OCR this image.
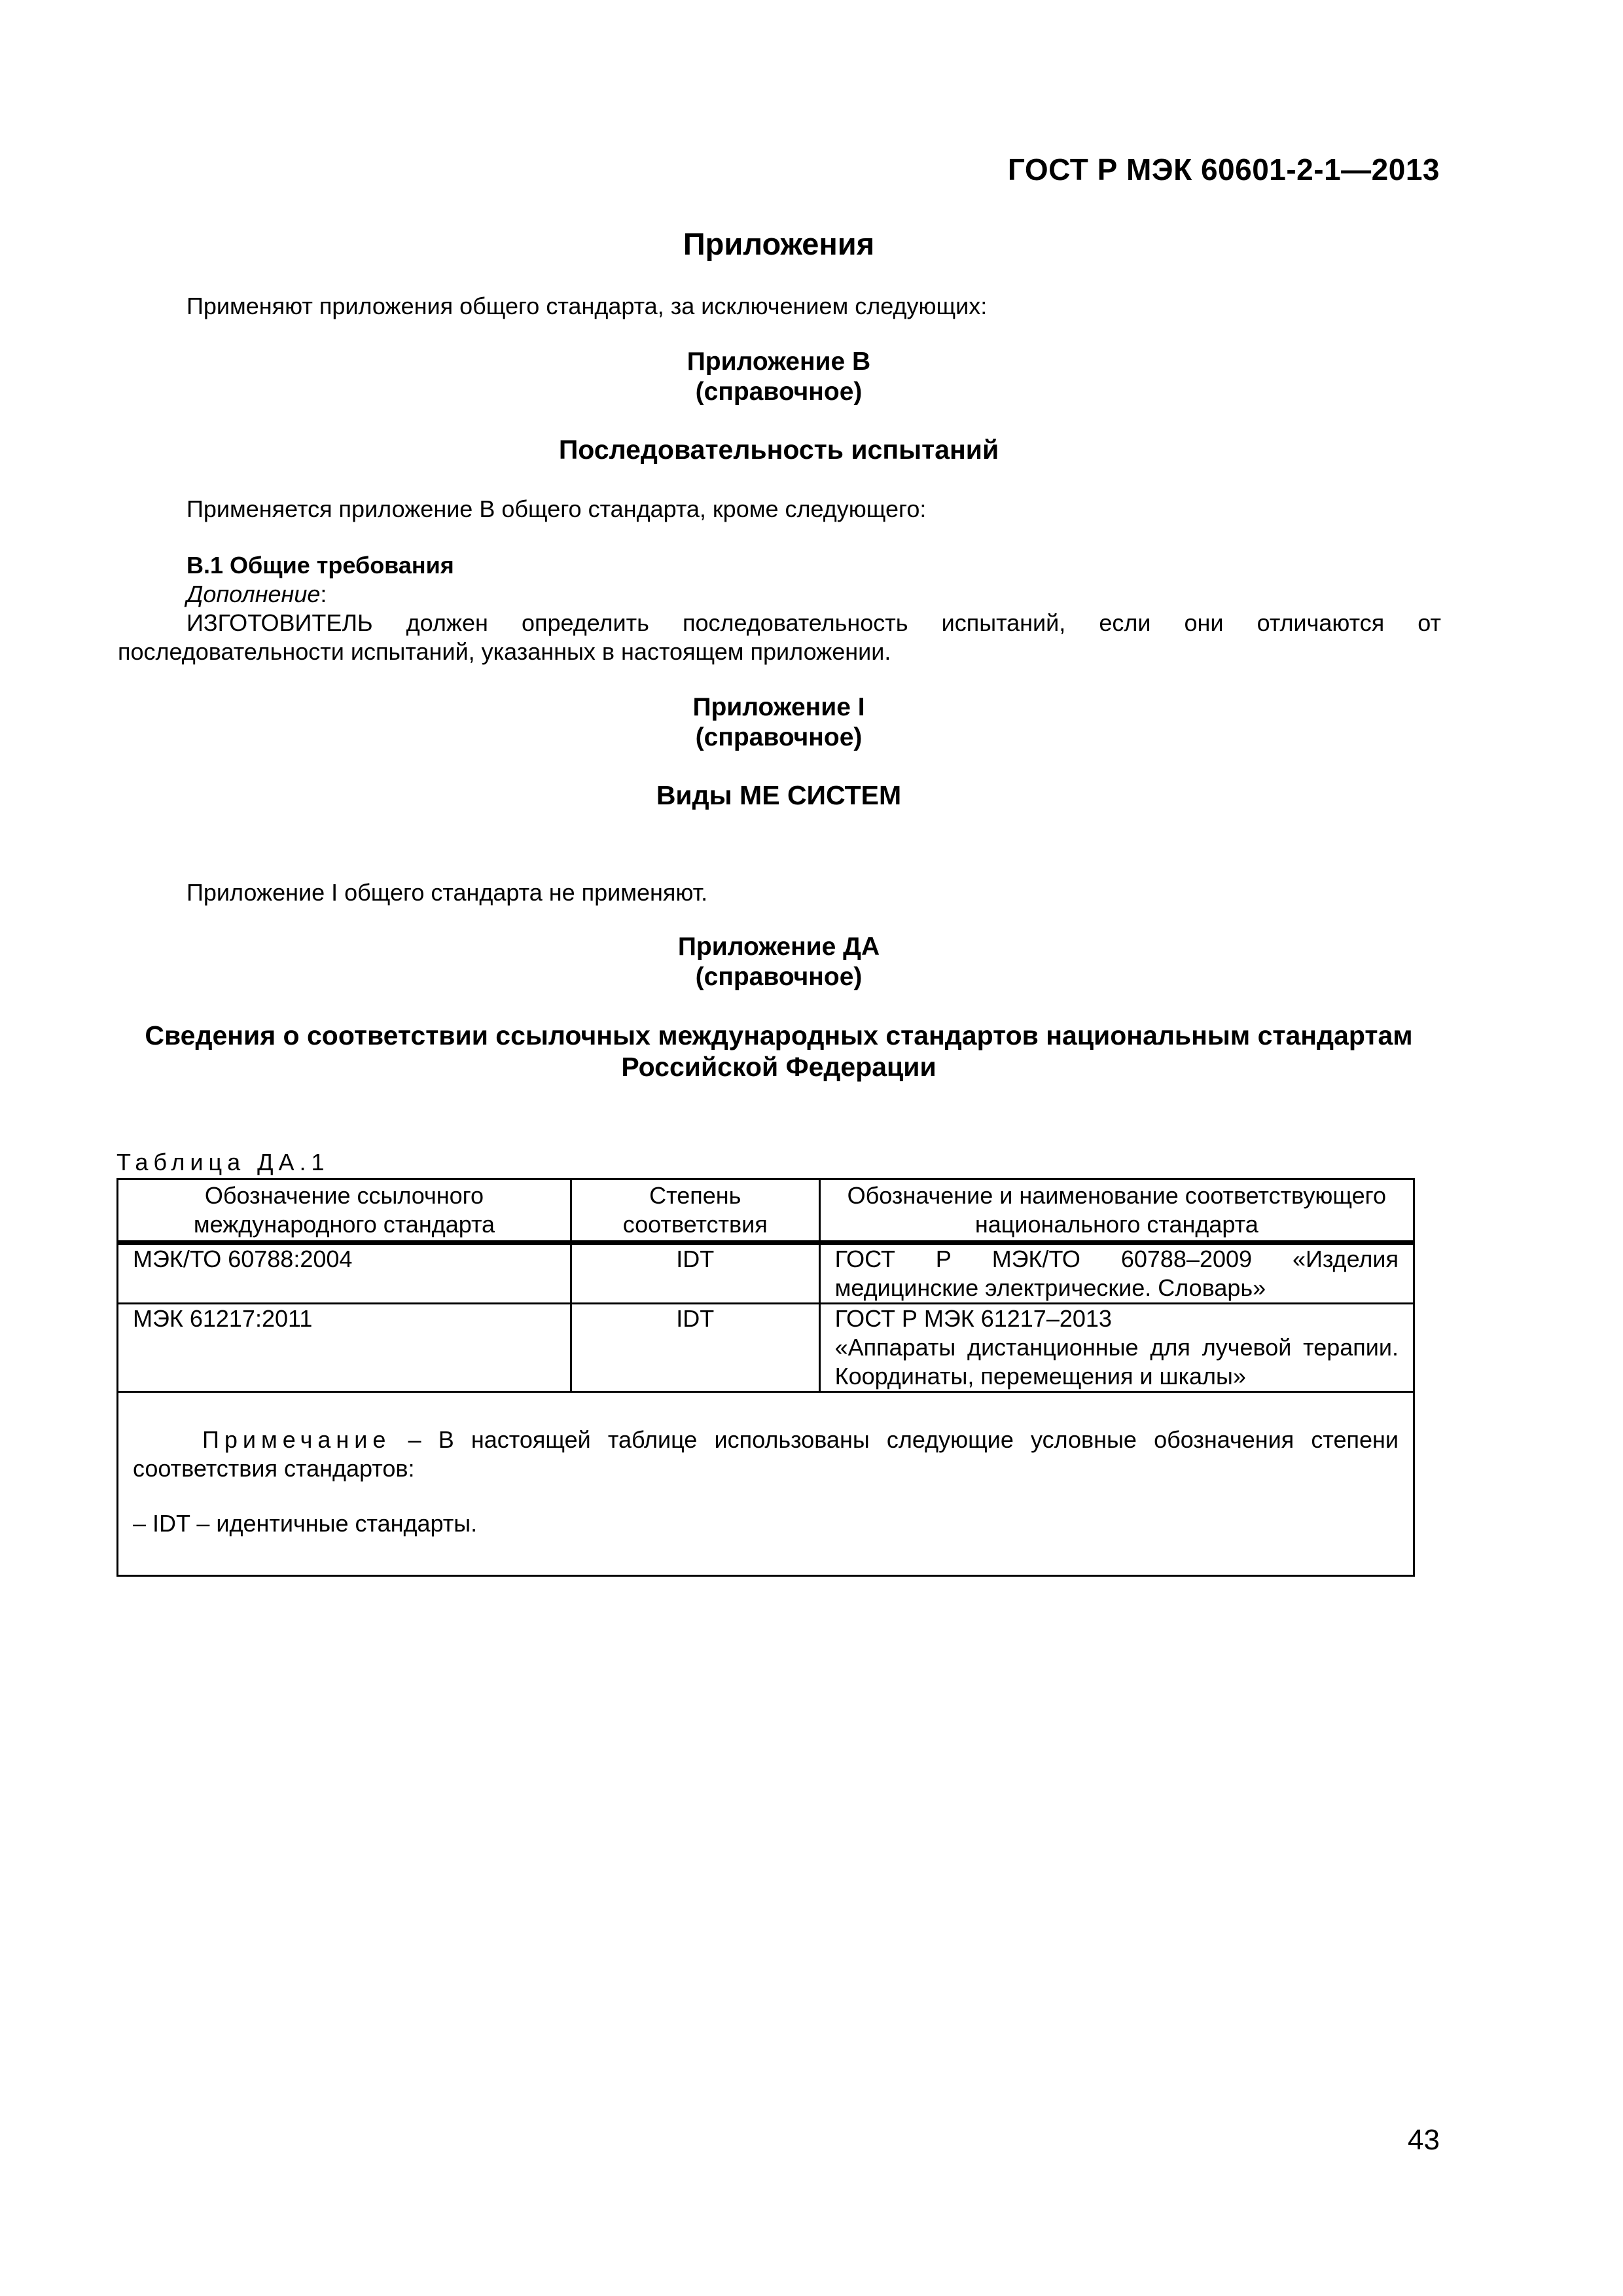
ГОСТ Р МЭК 60601-2-1—2013
Приложения
Применяют приложения общего стандарта, за исключением следующих:
Приложение В
(справочное)
Последовательность испытаний
Применяется приложение В общего стандарта, кроме следующего:
В.1 Общие требования
Дополнение:
ИЗГОТОВИТЕЛЬ должен определить последовательность испытаний, если они отличаются от
последовательности испытаний, указанных в настоящем приложении.
Приложение I
(справочное)
Виды МЕ СИСТЕМ
Приложение I общего стандарта не применяют.
Приложение ДА
(справочное)
Сведения о соответствии ссылочных международных стандартов национальным стандартам
Российской Федерации
Таблица ДА.1
Обозначение ссылочного международного стандарта	Степень соответствия	Обозначение и наименование соответствующего национального стандарта
МЭК/ТО 60788:2004	IDT	ГОСТ Р МЭК/ТО 60788–2009 «Изделия медицинские электрические. Словарь»
МЭК 61217:2011	IDT	ГОСТ Р МЭК 61217–2013
«Аппараты дистанционные для лучевой терапии. Координаты, перемещения и шкалы»

Примечание – В настоящей таблице использованы следующие условные обозначения степени соответствия стандартов:
– IDT – идентичные стандарты.		
43
